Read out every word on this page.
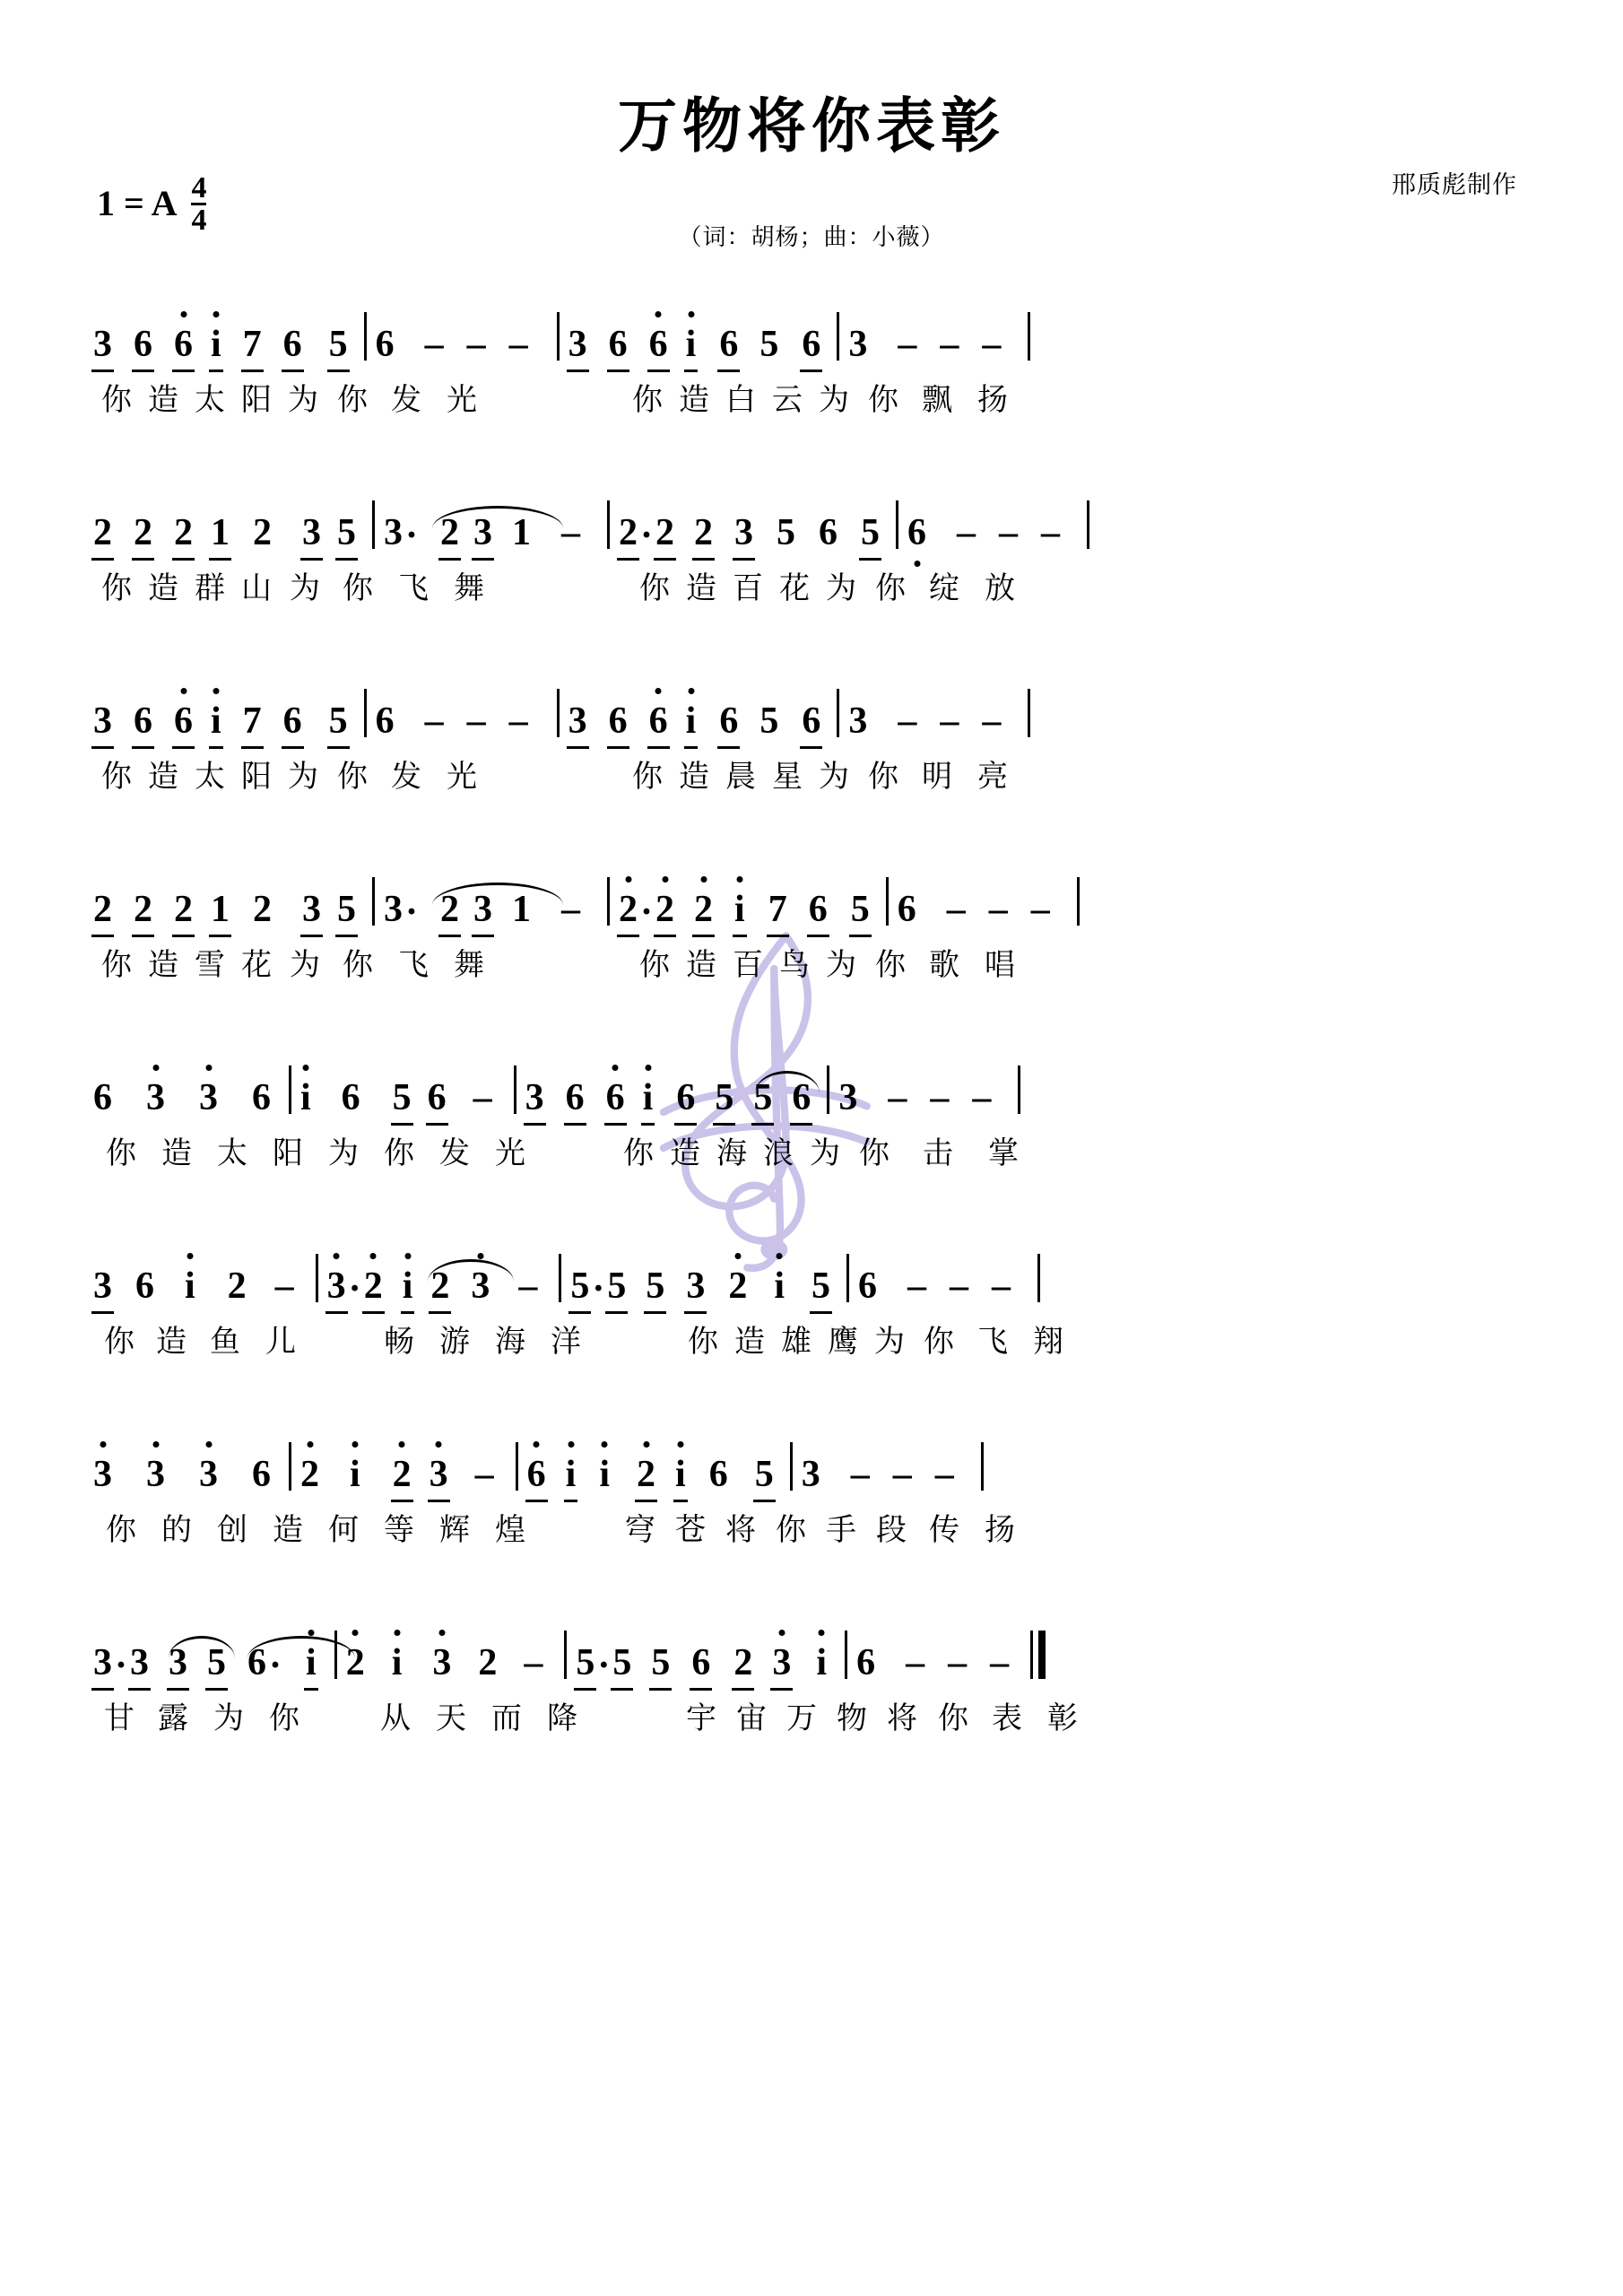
万物将你表彰
1 = A $\frac{4}{4}$	邢质彪制作
（词：胡杨；曲：小薇）
3 6 6 i 7 6 5 6 – – – 3 6 6 i 6 5 6 3 – – –
你 造 太 阳 为 你 发 光	你 造 白 云 为 你 飘 扬
2 2 2 1 2 3 5 3 · 2 3 1 – 2 · 2 2 3 5 6 5 6 – – –
你 造 群 山 为 你 飞 舞	你 造 百 花 为 你 绽 放
3 6 6 i 7 6 5 6 – – – 3 6 6 i 6 5 6 3 – – –
你 造 太 阳 为 你 发 光	你 造 晨 星 为 你 明 亮
2 2 2 1 2 3 5 3 · 2 3 1 – 2 · 2 2 i 7 6 5 6 – – –
你 造 雪 花 为 你 飞 舞	你 造 百 鸟 为 你 歌 唱
6 3 3 6 i 6 5 6 – 3 6 6 i 6 5 5 6 3 – – –
你 造 太 阳 为 你 发 光	你 造 海 浪 为 你	击	掌
3 6 i 2 – 3 · 2 i 2 3 – 5 · 5 5 3 2 i 5 6 – – –
你 造 鱼 儿	畅 游 海 洋	你 造 雄 鹰 为 你 飞 翔
3 3 3 6 2 i 2 3 – 6 i i 2 i 6 5 3 – – –
你 的 创 造 何 等 辉 煌	穹 苍 将 你 手 段 传 扬
3 · 3 3 5 6 · i 2 i 3 2 – 5 · 5 5 6 2 3 i 6 – – –
甘 露 为 你	从 天 而 降	宇 宙 万 物 将 你 表 彰
